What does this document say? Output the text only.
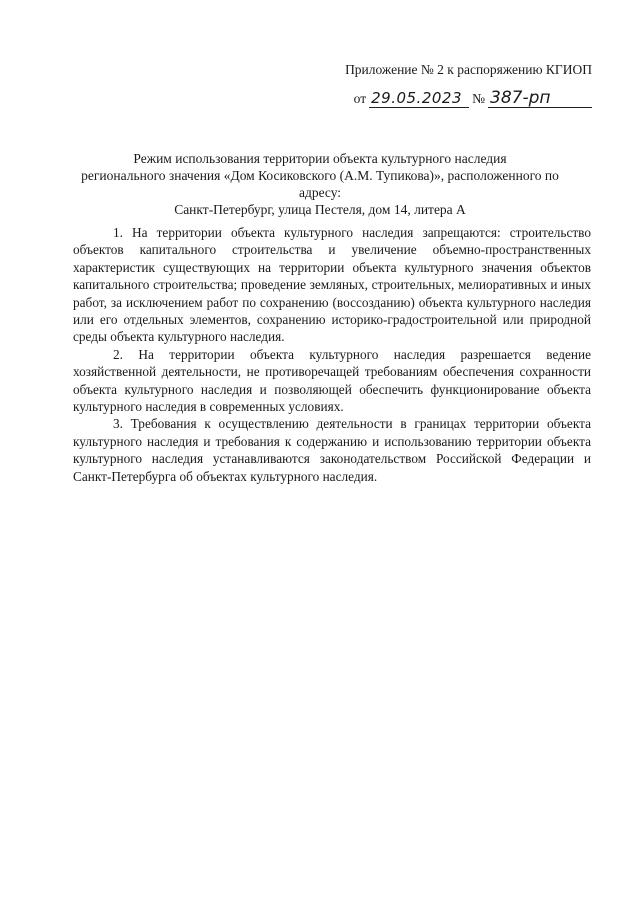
Приложение № 2 к распоряжению КГИОП
от 29.05.2023 № 387-рп
Режим использования территории объекта культурного наследия
регионального значения «Дом Косиковского (А.М. Тупикова)», расположенного по адресу:
Санкт-Петербург, улица Пестеля, дом 14, литера А

1. На территории объекта культурного наследия запрещаются: строительство объектов капитального строительства и увеличение объемно-пространственных характеристик существующих на территории объекта культурного значения объектов капитального строительства; проведение земляных, строительных, мелиоративных и иных работ, за исключением работ по сохранению (воссозданию) объекта культурного наследия или его отдельных элементов, сохранению историко-градостроительной или природной среды объекта культурного наследия.

2. На территории объекта культурного наследия разрешается ведение хозяйственной деятельности, не противоречащей требованиям обеспечения сохранности объекта культурного наследия и позволяющей обеспечить функционирование объекта культурного наследия в современных условиях.

3. Требования к осуществлению деятельности в границах территории объекта культурного наследия и требования к содержанию и использованию территории объекта культурного наследия устанавливаются законодательством Российской Федерации и Санкт-Петербурга об объектах культурного наследия.
